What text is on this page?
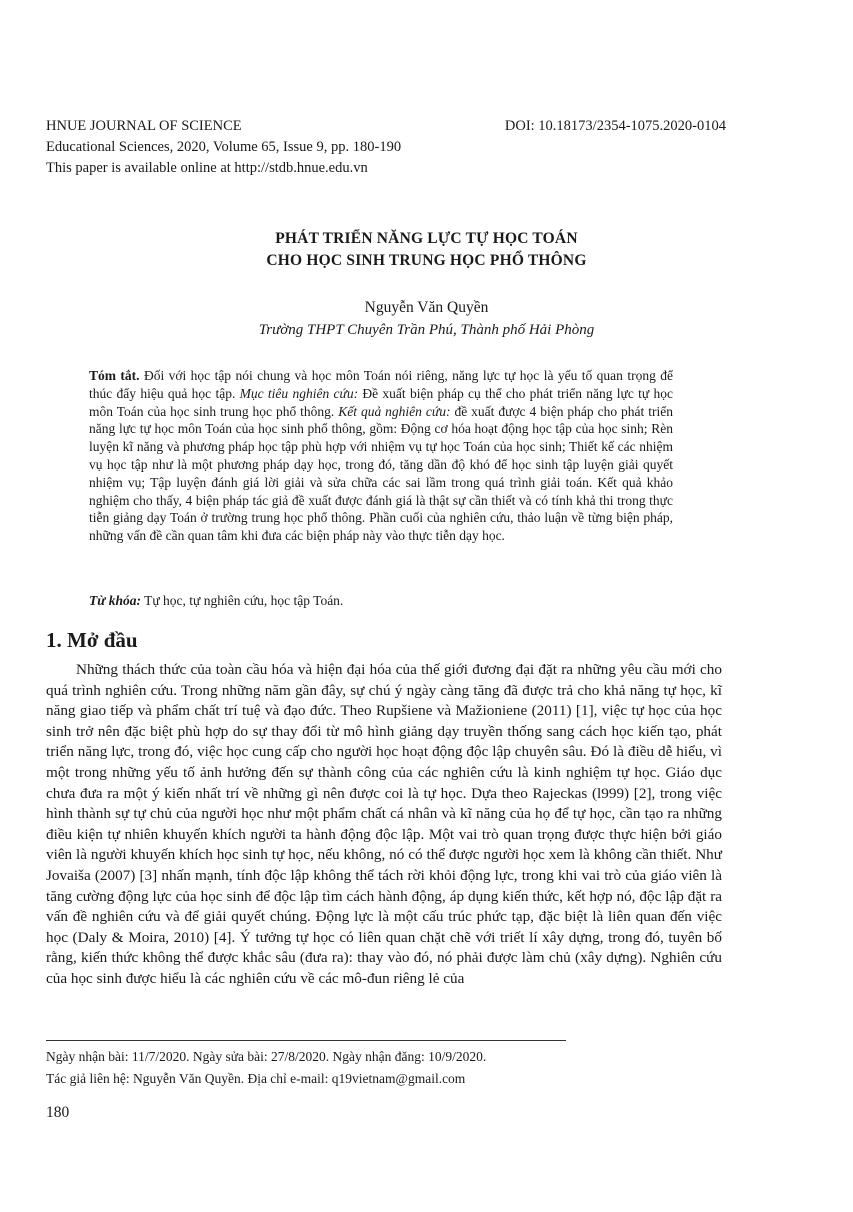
HNUE JOURNAL OF SCIENCE	DOI: 10.18173/2354-1075.2020-0104
Educational Sciences, 2020, Volume 65, Issue 9, pp. 180-190
This paper is available online at http://stdb.hnue.edu.vn
PHÁT TRIỂN NĂNG LỰC TỰ HỌC TOÁN
CHO HỌC SINH TRUNG HỌC PHỔ THÔNG
Nguyễn Văn Quyền
Trường THPT Chuyên Trần Phú, Thành phố Hải Phòng
Tóm tắt. Đối với học tập nói chung và học môn Toán nói riêng, năng lực tự học là yếu tố quan trọng để thúc đẩy hiệu quả học tập. Mục tiêu nghiên cứu: Đề xuất biện pháp cụ thể cho phát triển năng lực tự học môn Toán của học sinh trung học phổ thông. Kết quả nghiên cứu: đề xuất được 4 biện pháp cho phát triển năng lực tự học môn Toán của học sinh phổ thông, gồm: Động cơ hóa hoạt động học tập của học sinh; Rèn luyện kĩ năng và phương pháp học tập phù hợp với nhiệm vụ tự học Toán của học sinh; Thiết kế các nhiệm vụ học tập như là một phương pháp dạy học, trong đó, tăng dần độ khó để học sinh tập luyện giải quyết nhiệm vụ; Tập luyện đánh giá lời giải và sửa chữa các sai lầm trong quá trình giải toán. Kết quả khảo nghiệm cho thấy, 4 biện pháp tác giả đề xuất được đánh giá là thật sự cần thiết và có tính khả thi trong thực tiễn giảng dạy Toán ở trường trung học phổ thông. Phần cuối của nghiên cứu, thảo luận về từng biện pháp, những vấn đề cần quan tâm khi đưa các biện pháp này vào thực tiễn dạy học.
Từ khóa: Tự học, tự nghiên cứu, học tập Toán.
1. Mở đầu
Những thách thức của toàn cầu hóa và hiện đại hóa của thế giới đương đại đặt ra những yêu cầu mới cho quá trình nghiên cứu. Trong những năm gần đây, sự chú ý ngày càng tăng đã được trả cho khả năng tự học, kĩ năng giao tiếp và phẩm chất trí tuệ và đạo đức. Theo Rupšiene và Mažioniene (2011) [1], việc tự học của học sinh trở nên đặc biệt phù hợp do sự thay đổi từ mô hình giảng dạy truyền thống sang cách học kiến tạo, phát triển năng lực, trong đó, việc học cung cấp cho người học hoạt động độc lập chuyên sâu. Đó là điều dễ hiểu, vì một trong những yếu tố ảnh hưởng đến sự thành công của các nghiên cứu là kinh nghiệm tự học. Giáo dục chưa đưa ra một ý kiến nhất trí về những gì nên được coi là tự học. Dựa theo Rajeckas (l999) [2], trong việc hình thành sự tự chủ của người học như một phẩm chất cá nhân và kĩ năng của họ để tự học, cần tạo ra những điều kiện tự nhiên khuyến khích người ta hành động độc lập. Một vai trò quan trọng được thực hiện bởi giáo viên là người khuyến khích học sinh tự học, nếu không, nó có thể được người học xem là không cần thiết. Như Jovaiša (2007) [3] nhấn mạnh, tính độc lập không thể tách rời khỏi động lực, trong khi vai trò của giáo viên là tăng cường động lực của học sinh để độc lập tìm cách hành động, áp dụng kiến thức, kết hợp nó, độc lập đặt ra vấn đề nghiên cứu và để giải quyết chúng. Động lực là một cấu trúc phức tạp, đặc biệt là liên quan đến việc học (Daly & Moira, 2010) [4]. Ý tưởng tự học có liên quan chặt chẽ với triết lí xây dựng, trong đó, tuyên bố rằng, kiến thức không thể được khắc sâu (đưa ra): thay vào đó, nó phải được làm chủ (xây dựng). Nghiên cứu của học sinh được hiểu là các nghiên cứu về các mô-đun riêng lẻ của
Ngày nhận bài: 11/7/2020. Ngày sửa bài: 27/8/2020. Ngày nhận đăng: 10/9/2020.
Tác giả liên hệ: Nguyễn Văn Quyền. Địa chỉ e-mail: q19vietnam@gmail.com
180
